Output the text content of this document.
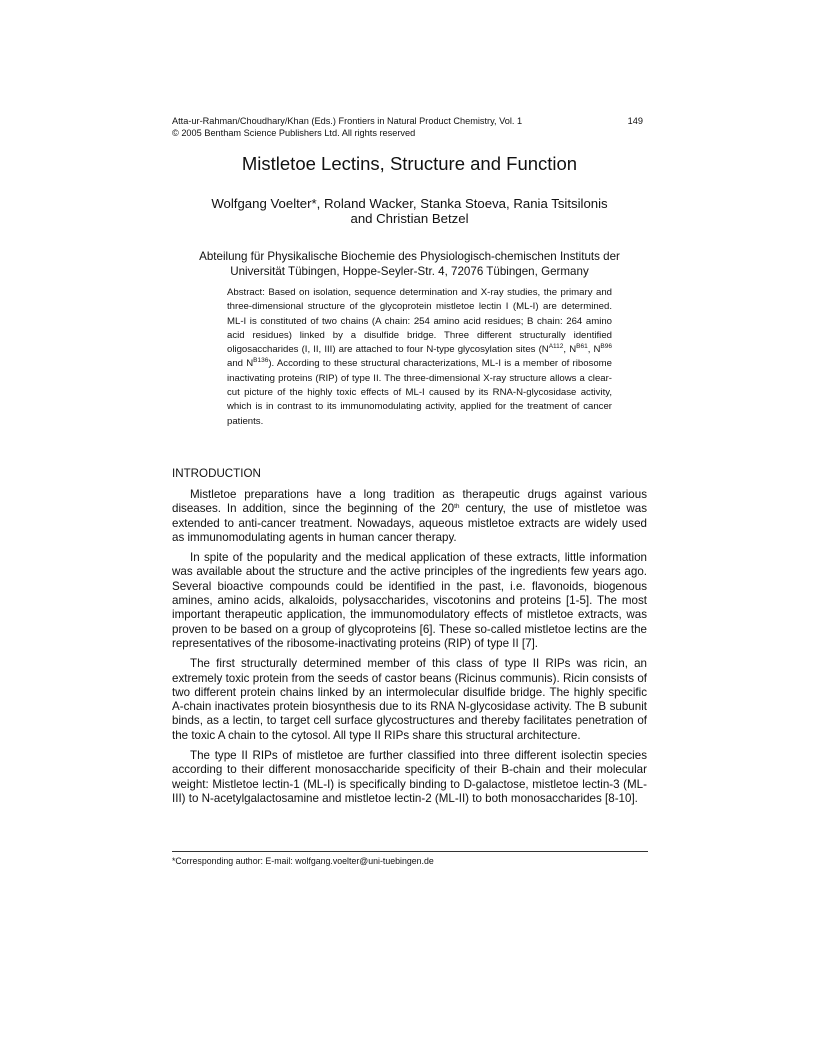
Atta-ur-Rahman/Choudhary/Khan (Eds.) Frontiers in Natural Product Chemistry, Vol. 1
© 2005 Bentham Science Publishers Ltd. All rights reserved
149
Mistletoe Lectins, Structure and Function
Wolfgang Voelter*, Roland Wacker, Stanka Stoeva, Rania Tsitsilonis
and Christian Betzel
Abteilung für Physikalische Biochemie des Physiologisch-chemischen Instituts der
Universität Tübingen, Hoppe-Seyler-Str. 4, 72076 Tübingen, Germany
Abstract: Based on isolation, sequence determination and X-ray studies, the primary and three-dimensional structure of the glycoprotein mistletoe lectin I (ML-I) are determined. ML-I is constituted of two chains (A chain: 254 amino acid residues; B chain: 264 amino acid residues) linked by a disulfide bridge. Three different structurally identified oligosaccharides (I, II, III) are attached to four N-type glycosylation sites ($N^{A112}$, $N^{B61}$, $N^{B96}$ and $N^{B136}$). According to these structural characterizations, ML-I is a member of ribosome inactivating proteins (RIP) of type II. The three-dimensional X-ray structure allows a clear-cut picture of the highly toxic effects of ML-I caused by its RNA-N-glycosidase activity, which is in contrast to its immunomodulating activity, applied for the treatment of cancer patients.
INTRODUCTION

Mistletoe preparations have a long tradition as therapeutic drugs against various diseases. In addition, since the beginning of the 20th century, the use of mistletoe was extended to anti-cancer treatment. Nowadays, aqueous mistletoe extracts are widely used as immunomodulating agents in human cancer therapy.

In spite of the popularity and the medical application of these extracts, little information was available about the structure and the active principles of the ingredients few years ago. Several bioactive compounds could be identified in the past, i.e. flavonoids, biogenous amines, amino acids, alkaloids, polysaccharides, viscotonins and proteins [1-5]. The most important therapeutic application, the immunomodulatory effects of mistletoe extracts, was proven to be based on a group of glycoproteins [6]. These so-called mistletoe lectins are the representatives of the ribosome-inactivating proteins (RIP) of type II [7].

The first structurally determined member of this class of type II RIPs was ricin, an extremely toxic protein from the seeds of castor beans (Ricinus communis). Ricin consists of two different protein chains linked by an intermolecular disulfide bridge. The highly specific A-chain inactivates protein biosynthesis due to its RNA N-glycosidase activity. The B subunit binds, as a lectin, to target cell surface glycostructures and thereby facilitates penetration of the toxic A chain to the cytosol. All type II RIPs share this structural architecture.

The type II RIPs of mistletoe are further classified into three different isolectin species according to their different monosaccharide specificity of their B-chain and their molecular weight: Mistletoe lectin-1 (ML-I) is specifically binding to D-galactose, mistletoe lectin-3 (ML-III) to N-acetylgalactosamine and mistletoe lectin-2 (ML-II) to both monosaccharides [8-10].

*Corresponding author: E-mail: wolfgang.voelter@uni-tuebingen.de
